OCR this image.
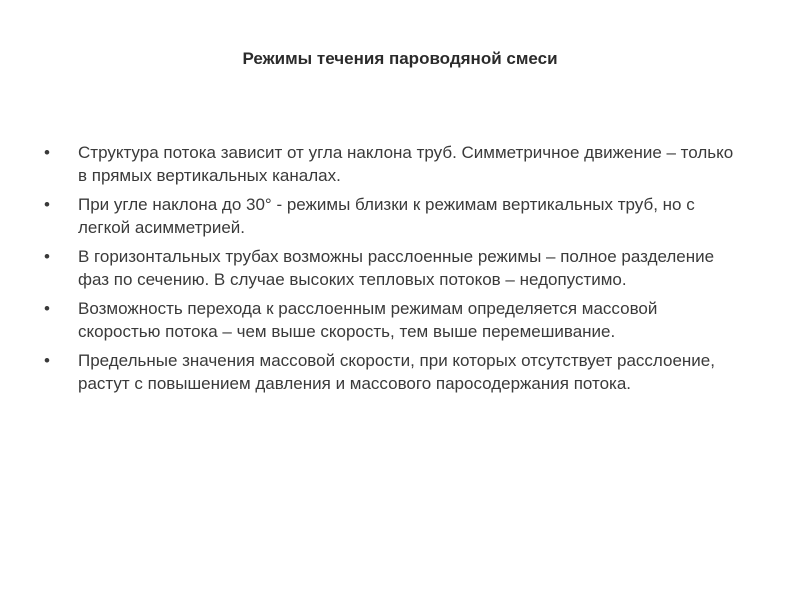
Режимы течения пароводяной смеси
•	Структура потока зависит от угла наклона труб. Симметричное движение – только в прямых вертикальных каналах.
•	При угле наклона до 30° - режимы близки к режимам вертикальных труб, но с легкой асимметрией.
•	В горизонтальных трубах возможны расслоенные режимы – полное разделение фаз по сечению. В случае высоких тепловых потоков – недопустимо.
•	Возможность перехода к расслоенным режимам определяется массовой скоростью потока – чем выше скорость, тем выше перемешивание.
•	Предельные значения массовой скорости, при которых отсутствует расслоение, растут с повышением давления и массового паросодержания потока.
